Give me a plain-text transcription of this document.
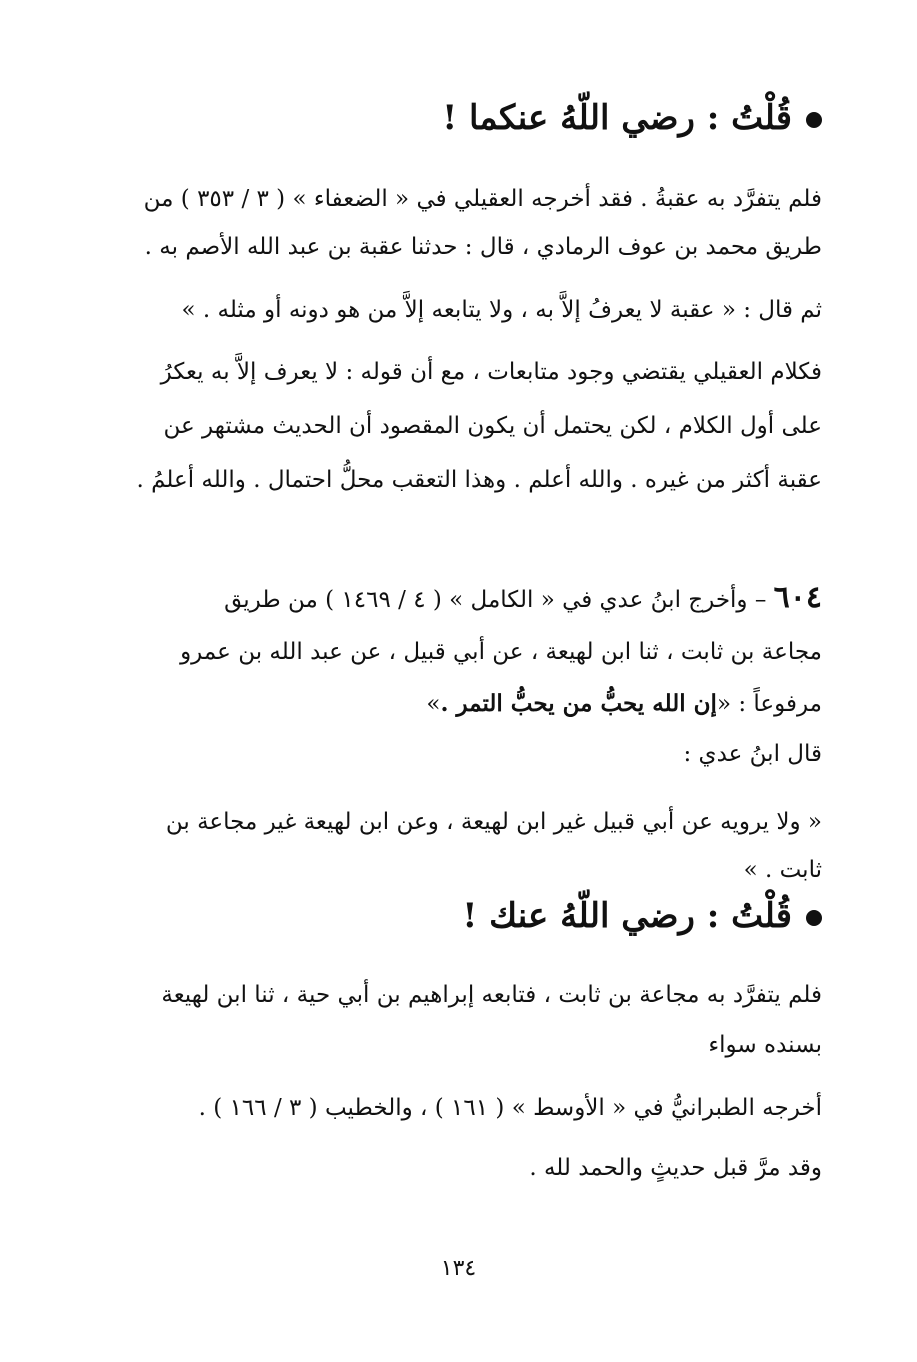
قُلْتُ : رضي اللّهُ عنكما !
فلم يتفرَّد به عقبةُ . فقد أخرجه العقيلي في « الضعفاء » ( ٣ / ٣٥٣ ) من
طريق محمد بن عوف الرمادي ، قال : حدثنا عقبة بن عبد الله الأصم به .
ثم قال : « عقبة لا يعرفُ إلاَّ به ، ولا يتابعه إلاَّ من هو دونه أو مثله . »
فكلام العقيلي يقتضي وجود متابعات ، مع أن قوله : لا يعرف إلاَّ به يعكرُ
على أول الكلام ، لكن يحتمل أن يكون المقصود أن الحديث مشتهر عن
عقبة أكثر من غيره . والله أعلم . وهذا التعقب محلُّ احتمال . والله أعلمُ .
٦٠٤ – وأخرج ابنُ عدي في « الكامل » ( ٤ / ١٤٦٩ ) من طريق
مجاعة بن ثابت ، ثنا ابن لهيعة ، عن أبي قبيل ، عن عبد الله بن عمرو
مرفوعاً : «إن الله يحبُّ من يحبُّ التمر .»
قال ابنُ عدي :
« ولا يرويه عن أبي قبيل غير ابن لهيعة ، وعن ابن لهيعة غير مجاعة بن
ثابت . »
قُلْتُ : رضي اللّهُ عنك !
فلم يتفرَّد به مجاعة بن ثابت ، فتابعه إبراهيم بن أبي حية ، ثنا ابن لهيعة
بسنده سواء
أخرجه الطبرانيُّ في « الأوسط » ( ١٦١ ) ، والخطيب ( ٣ / ١٦٦ ) .
وقد مرَّ قبل حديثٍ والحمد لله .
١٣٤
